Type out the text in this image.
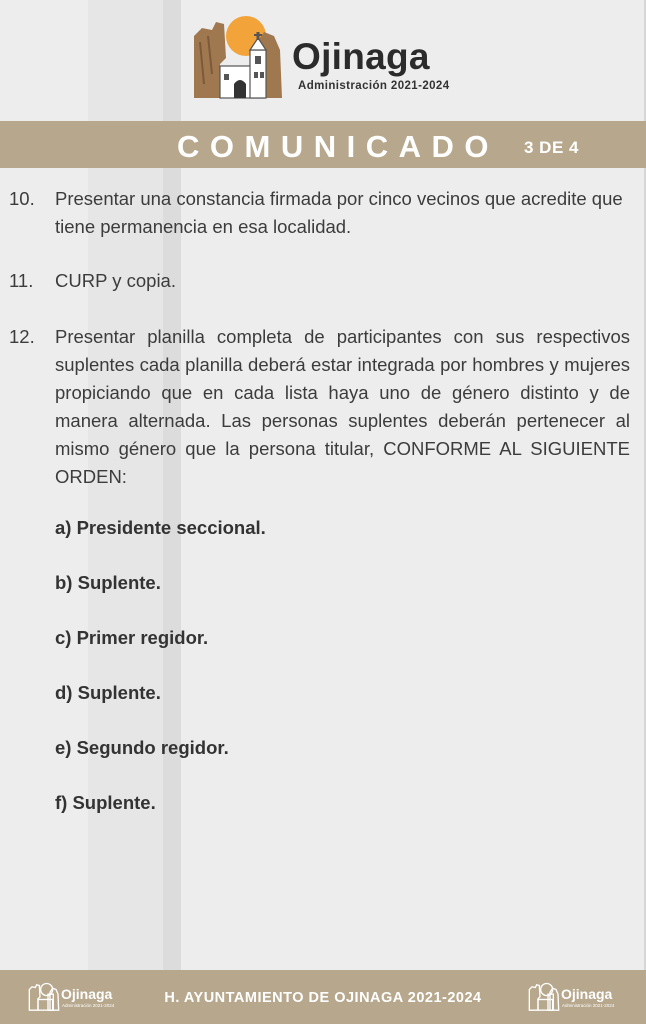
Ojinaga
Administración 2021-2024
COMUNICADO 3 DE 4
10. Presentar una constancia firmada por cinco vecinos que acredite que tiene permanencia en esa localidad.
11. CURP y copia.
12. Presentar planilla completa de participantes con sus respectivos suplentes cada planilla deberá estar integrada por hombres y mujeres propiciando que en cada lista haya uno de género distinto y de manera alternada. Las personas suplentes deberán pertenecer al mismo género que la persona titular, CONFORME AL SIGUIENTE ORDEN:
a) Presidente seccional.
b) Suplente.
c) Primer regidor.
d) Suplente.
e) Segundo regidor.
f) Suplente.
Ojinaga
Administración 2021-2024	H. AYUNTAMIENTO DE OJINAGA 2021-2024	Ojinaga
Administración 2021-2024
